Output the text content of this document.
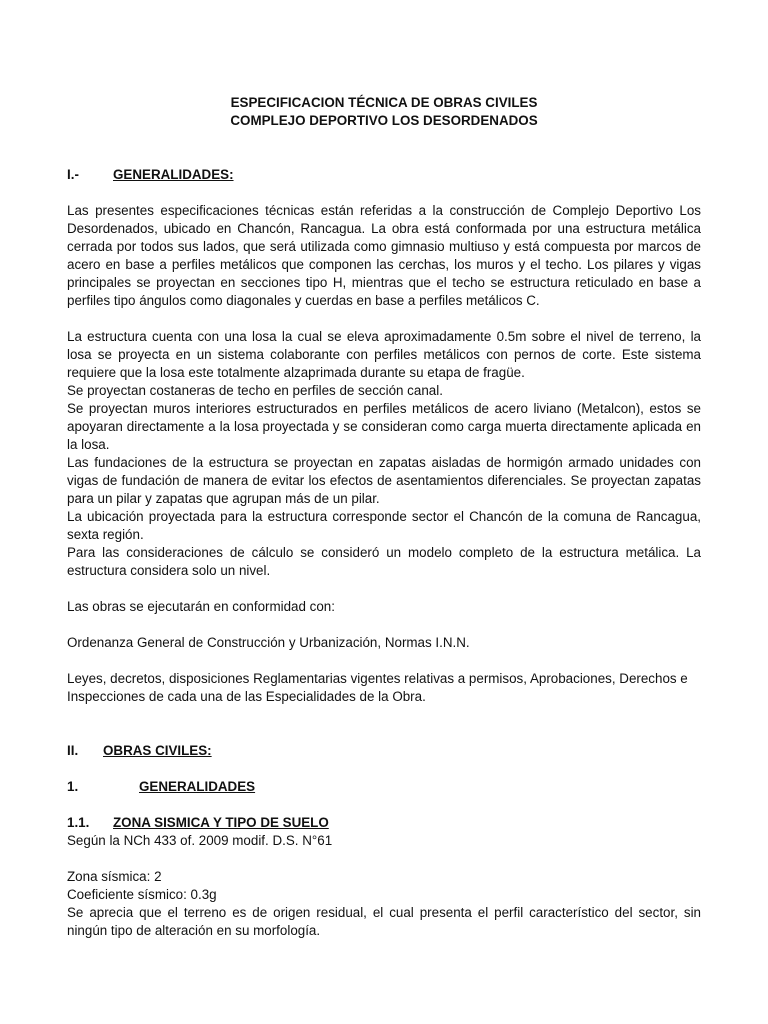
ESPECIFICACION TÉCNICA DE OBRAS CIVILES

COMPLEJO DEPORTIVO LOS DESORDENADOS

I.-	GENERALIDADES:

Las presentes especificaciones técnicas están referidas a la construcción de Complejo Deportivo Los Desordenados, ubicado en Chancón, Rancagua. La obra está conformada por una estructura metálica cerrada por todos sus lados, que será utilizada como gimnasio multiuso y está compuesta por marcos de acero en base a perfiles metálicos que componen las cerchas, los muros y el techo. Los pilares y vigas principales se proyectan en secciones tipo H, mientras que el techo se estructura reticulado en base a perfiles tipo ángulos como diagonales y cuerdas en base a perfiles metálicos C.

La estructura cuenta con una losa la cual se eleva aproximadamente 0.5m sobre el nivel de terreno, la losa se proyecta en un sistema colaborante con perfiles metálicos con pernos de corte. Este sistema requiere que la losa este totalmente alzaprimada durante su etapa de fragüe.

Se proyectan costaneras de techo en perfiles de sección canal.

Se proyectan muros interiores estructurados en perfiles metálicos de acero liviano (Metalcon), estos se apoyaran directamente a la losa proyectada y se consideran como carga muerta directamente aplicada en la losa.

Las fundaciones de la estructura se proyectan en zapatas aisladas de hormigón armado unidades con vigas de fundación de manera de evitar los efectos de asentamientos diferenciales. Se proyectan zapatas para un pilar y zapatas que agrupan más de un pilar.

La ubicación proyectada para la estructura corresponde sector el Chancón de la comuna de Rancagua, sexta región.

Para las consideraciones de cálculo se consideró un modelo completo de la estructura metálica. La estructura considera solo un nivel.

Las obras se ejecutarán en conformidad con:

Ordenanza General de Construcción y Urbanización, Normas I.N.N.

Leyes, decretos, disposiciones Reglamentarias vigentes relativas a permisos, Aprobaciones, Derechos e Inspecciones de cada una de las Especialidades de la Obra.

II.	OBRAS CIVILES:
1.	GENERALIDADES
1.1.	ZONA SISMICA Y TIPO DE SUELO

Según la NCh 433 of. 2009 modif. D.S. N°61

Zona sísmica: 2

Coeficiente sísmico: 0.3g

Se aprecia que el terreno es de origen residual, el cual presenta el perfil característico del sector, sin ningún tipo de alteración en su morfología.
